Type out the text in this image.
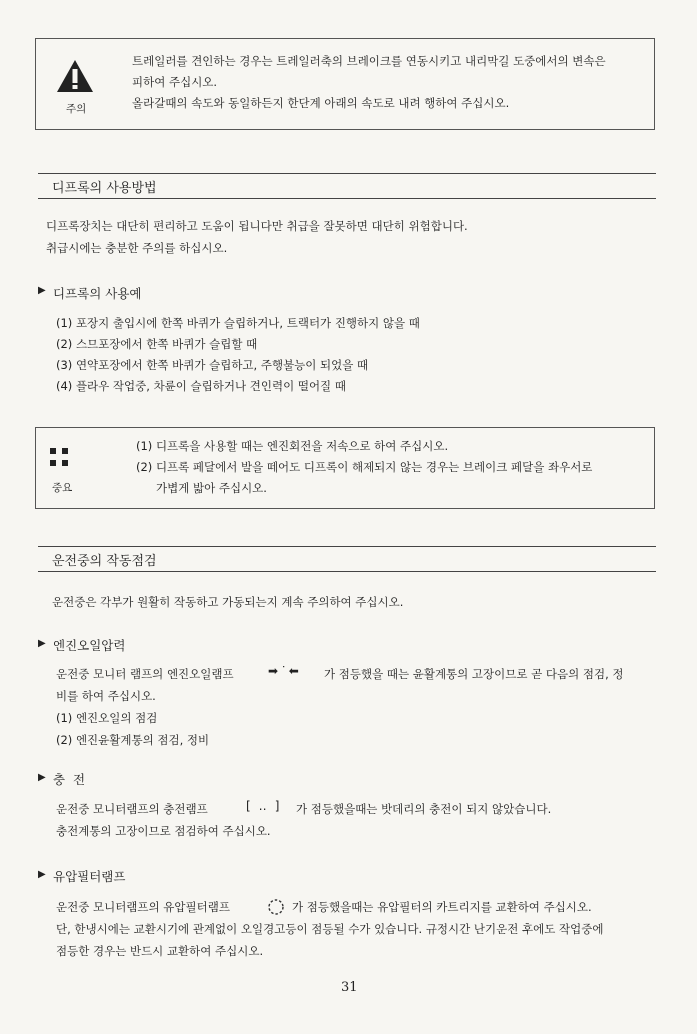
주의
트레일러를 견인하는 경우는 트레일러축의 브레이크를 연동시키고 내리막길 도중에서의 변속은
피하여 주십시오.
올라갈때의 속도와 동일하든지 한단계 아래의 속도로 내려 행하여 주십시오.
디프록의 사용방법
디프록장치는 대단히 편리하고 도움이 됩니다만 취급을 잘못하면 대단히 위험합니다.
취급시에는 충분한 주의를 하십시오.
▶ 디프록의 사용예
(1) 포장지 출입시에 한쪽 바퀴가 슬립하거나, 트랙터가 진행하지 않을 때
(2) 스므포장에서 한쪽 바퀴가 슬립할 때
(3) 연약포장에서 한쪽 바퀴가 슬립하고, 주행불능이 되었을 때
(4) 플라우 작업중, 차륜이 슬립하거나 견인력이 떨어질 때
중요
(1) 디프록을 사용할 때는 엔진회전을 저속으로 하여 주십시오.
(2) 디프록 페달에서 발을 떼어도 디프록이 해제되지 않는 경우는 브레이크 페달을 좌우서로
가볍게 밟아 주십시오.
운전중의 작동점검
운전중은 각부가 원활히 작동하고 가동되는지 계속 주의하여 주십시오.
▶ 엔진오일압력
운전중 모니터 램프의 엔진오일램프	➡ ᐝ ⬅ 가 점등했을 때는 윤활계통의 고장이므로 곧 다음의 점검, 정
비를 하여 주십시오.
(1) 엔진오일의 점검
(2) 엔진윤활계통의 점검, 정비
▶ 충  전
운전중 모니터램프의 충전램프	[‥] 가 점등했을때는 밧데리의 충전이 되지 않았습니다.
충전계통의 고장이므로 점검하여 주십시오.
▶ 유압필터램프
운전중 모니터램프의 유압필터램프	가 점등했을때는 유압필터의 카트리지를 교환하여 주십시오.
단, 한냉시에는 교환시기에 관계없이 오일경고등이 점등될 수가 있습니다. 규정시간 난기운전 후에도 작업중에
점등한 경우는 반드시 교환하여 주십시오.
31
